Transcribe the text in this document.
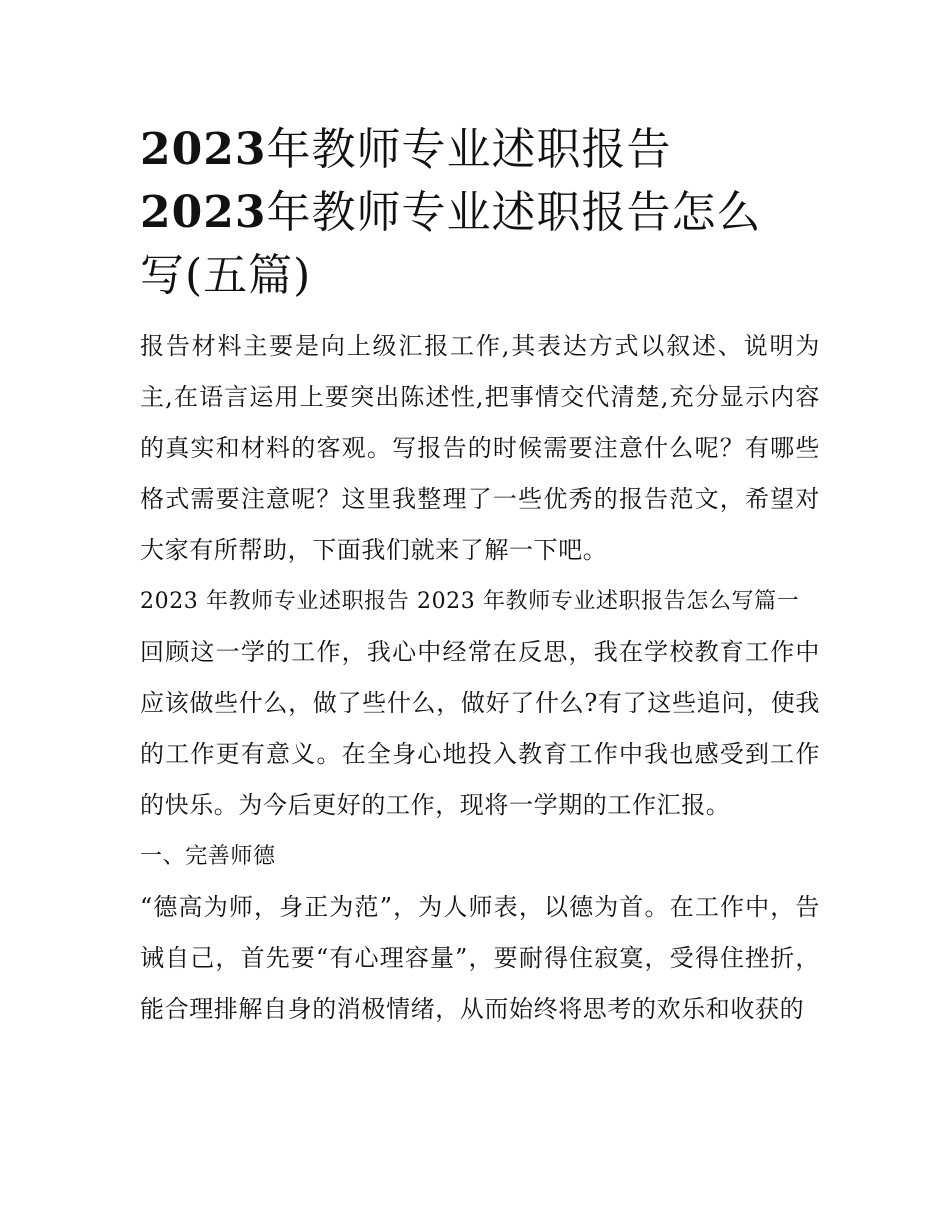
2023年教师专业述职报告
2023年教师专业述职报告怎么
写(五篇)

报告材料主要是向上级汇报工作,其表达方式以叙述、说明为主,在语言运用上要突出陈述性,把事情交代清楚,充分显示内容的真实和材料的客观。写报告的时候需要注意什么呢？有哪些格式需要注意呢？这里我整理了一些优秀的报告范文，希望对大家有所帮助，下面我们就来了解一下吧。

2023 年教师专业述职报告 2023 年教师专业述职报告怎么写篇一

回顾这一学的工作，我心中经常在反思，我在学校教育工作中应该做些什么，做了些什么，做好了什么?有了这些追问，使我的工作更有意义。在全身心地投入教育工作中我也感受到工作的快乐。为今后更好的工作，现将一学期的工作汇报。

一、完善师德

“德高为师，身正为范”，为人师表，以德为首。在工作中，告诫自己，首先要“有心理容量”，要耐得住寂寞，受得住挫折，能合理排解自身的消极情绪，从而始终将思考的欢乐和收获的
